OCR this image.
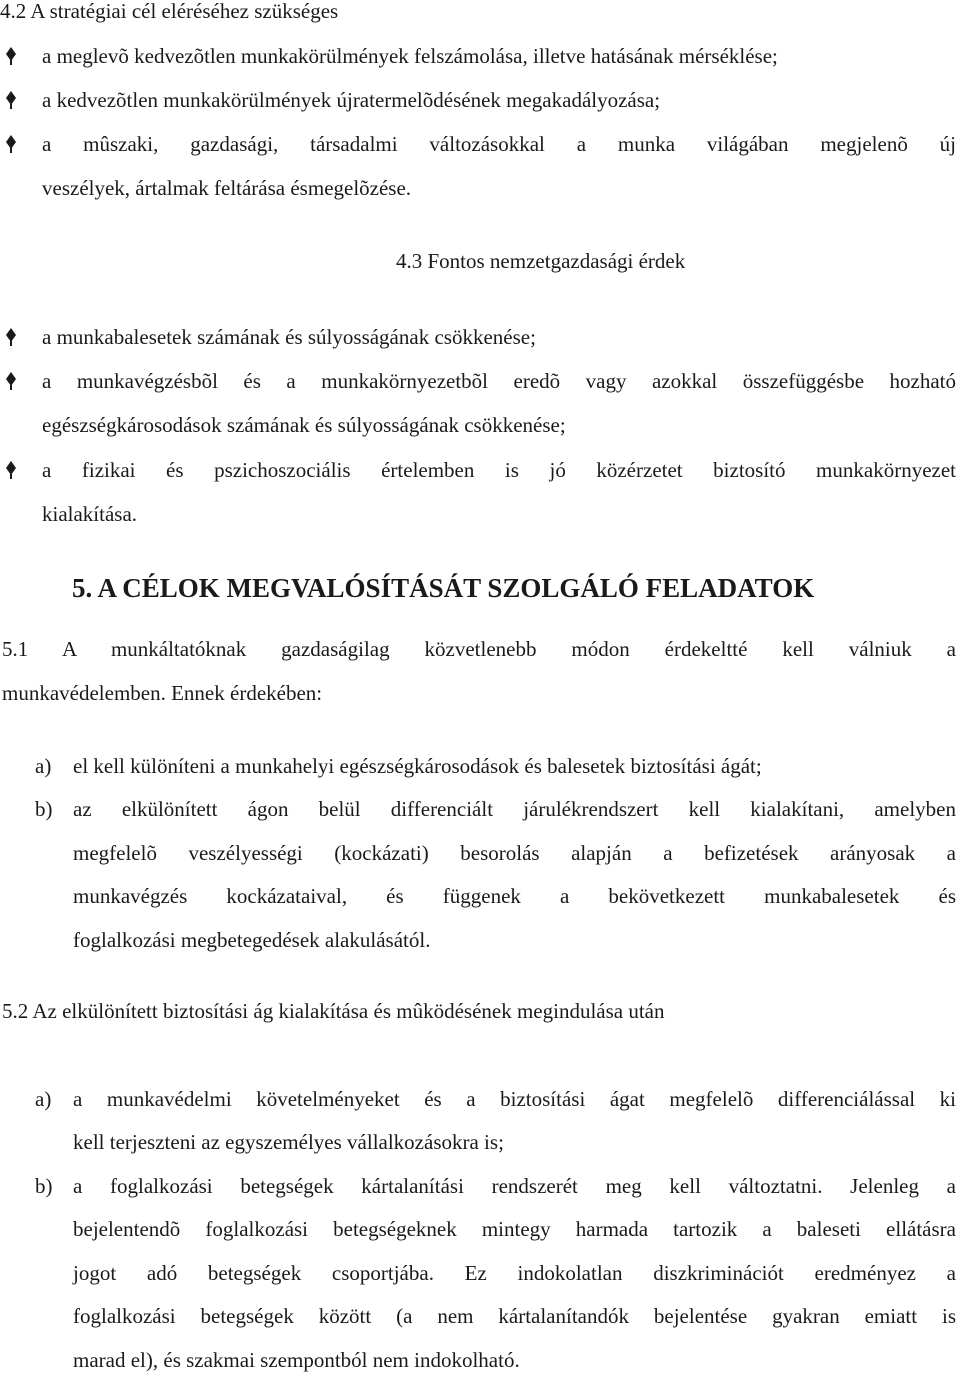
4.2 A stratégiai cél eléréséhez szükséges
a meglevõ kedvezõtlen munkakörülmények felszámolása, illetve hatásának mérséklése;
a kedvezõtlen munkakörülmények újratermelõdésének megakadályozása;
a mûszaki, gazdasági, társadalmi változásokkal a munka világában megjelenõ új
veszélyek, ártalmak feltárása ésmegelõzése.
4.3 Fontos nemzetgazdasági érdek
a munkabalesetek számának és súlyosságának csökkenése;
a munkavégzésbõl és a munkakörnyezetbõl eredõ vagy azokkal összefüggésbe hozható
egészségkárosodások számának és súlyosságának csökkenése;
a fizikai és pszichoszociális értelemben is jó közérzetet biztosító munkakörnyezet
kialakítása.
5. A CÉLOK MEGVALÓSÍTÁSÁT SZOLGÁLÓ FELADATOK
5.1 A munkáltatóknak gazdaságilag közvetlenebb módon érdekeltté kell válniuk a
munkavédelemben. Ennek érdekében:
a) el kell különíteni a munkahelyi egészségkárosodások és balesetek biztosítási ágát;
b) az elkülönített ágon belül differenciált járulékrendszert kell kialakítani, amelyben
megfelelõ veszélyességi (kockázati) besorolás alapján a befizetések arányosak a
munkavégzés kockázataival, és függenek a bekövetkezett munkabalesetek és
foglalkozási megbetegedések alakulásától.
5.2 Az elkülönített biztosítási ág kialakítása és mûködésének megindulása után
a) a munkavédelmi követelményeket és a biztosítási ágat megfelelõ differenciálással ki
kell terjeszteni az egyszemélyes vállalkozásokra is;
b) a foglalkozási betegségek kártalanítási rendszerét meg kell változtatni. Jelenleg a
bejelentendõ foglalkozási betegségeknek mintegy harmada tartozik a baleseti ellátásra
jogot adó betegségek csoportjába. Ez indokolatlan diszkriminációt eredményez a
foglalkozási betegségek között (a nem kártalanítandók bejelentése gyakran emiatt is
marad el), és szakmai szempontból nem indokolható.
